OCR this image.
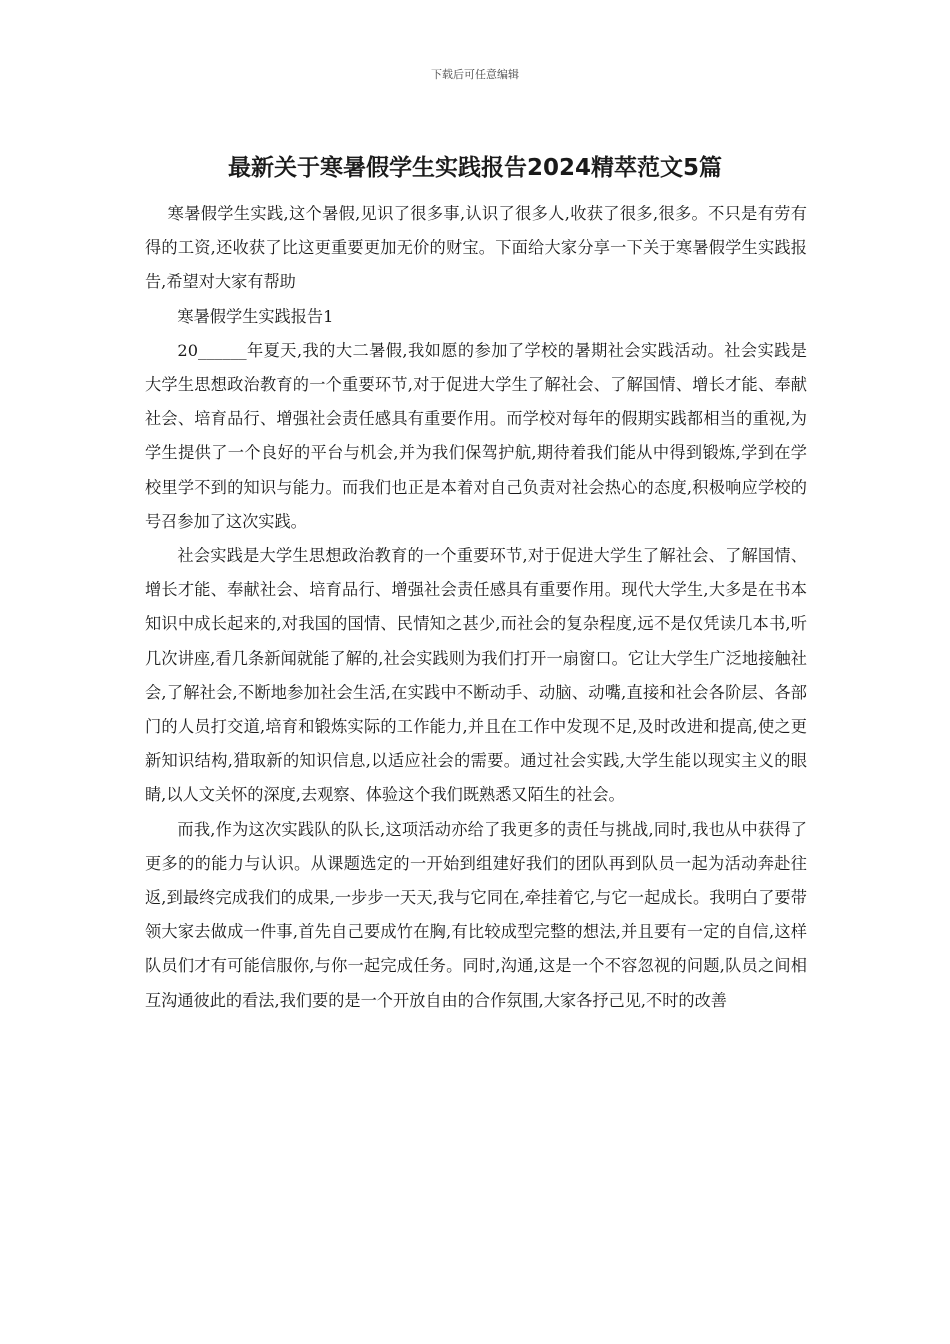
下载后可任意编辑
最新关于寒暑假学生实践报告2024精萃范文5篇

寒暑假学生实践,这个暑假,见识了很多事,认识了很多人,收获了很多,很多。不只是有劳有得的工资,还收获了比这更重要更加无价的财宝。下面给大家分享一下关于寒暑假学生实践报告,希望对大家有帮助

寒暑假学生实践报告1

20______年夏天,我的大二暑假,我如愿的参加了学校的暑期社会实践活动。社会实践是大学生思想政治教育的一个重要环节,对于促进大学生了解社会、了解国情、增长才能、奉献社会、培育品行、增强社会责任感具有重要作用。而学校对每年的假期实践都相当的重视,为学生提供了一个良好的平台与机会,并为我们保驾护航,期待着我们能从中得到锻炼,学到在学校里学不到的知识与能力。而我们也正是本着对自己负责对社会热心的态度,积极响应学校的号召参加了这次实践。

社会实践是大学生思想政治教育的一个重要环节,对于促进大学生了解社会、了解国情、增长才能、奉献社会、培育品行、增强社会责任感具有重要作用。现代大学生,大多是在书本知识中成长起来的,对我国的国情、民情知之甚少,而社会的复杂程度,远不是仅凭读几本书,听几次讲座,看几条新闻就能了解的,社会实践则为我们打开一扇窗口。它让大学生广泛地接触社会,了解社会,不断地参加社会生活,在实践中不断动手、动脑、动嘴,直接和社会各阶层、各部门的人员打交道,培育和锻炼实际的工作能力,并且在工作中发现不足,及时改进和提高,使之更新知识结构,猎取新的知识信息,以适应社会的需要。通过社会实践,大学生能以现实主义的眼睛,以人文关怀的深度,去观察、体验这个我们既熟悉又陌生的社会。

而我,作为这次实践队的队长,这项活动亦给了我更多的责任与挑战,同时,我也从中获得了更多的的能力与认识。从课题选定的一开始到组建好我们的团队再到队员一起为活动奔赴往返,到最终完成我们的成果,一步步一天天,我与它同在,牵挂着它,与它一起成长。我明白了要带领大家去做成一件事,首先自己要成竹在胸,有比较成型完整的想法,并且要有一定的自信,这样队员们才有可能信服你,与你一起完成任务。同时,沟通,这是一个不容忽视的问题,队员之间相互沟通彼此的看法,我们要的是一个开放自由的合作氛围,大家各抒己见,不时的改善
